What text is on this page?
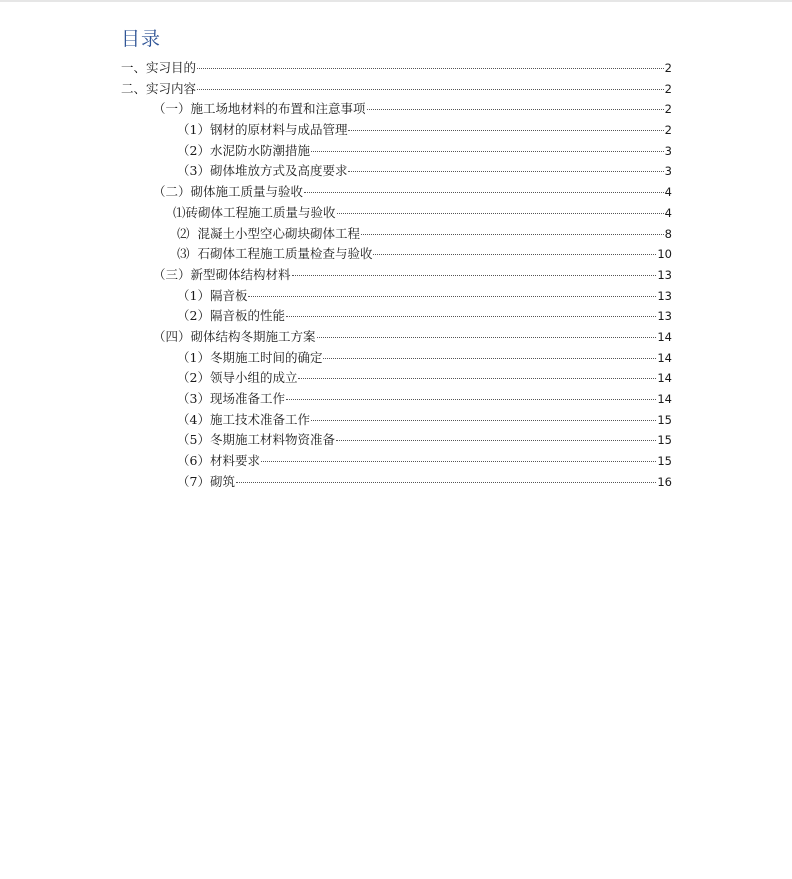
目录
一、实习目的	2
二、实习内容	2
（一）施工场地材料的布置和注意事项	2
（1）钢材的原材料与成品管理	2
（2）水泥防水防潮措施	3
（3）砌体堆放方式及高度要求	3
（二）砌体施工质量与验收	4
⑴砖砌体工程施工质量与验收	4
⑵  混凝土小型空心砌块砌体工程	8
⑶  石砌体工程施工质量检查与验收	10
（三）新型砌体结构材料	13
（1）隔音板	13
（2）隔音板的性能	13
（四）砌体结构冬期施工方案	14
（1）冬期施工时间的确定	14
（2）领导小组的成立	14
（3）现场准备工作	14
（4）施工技术准备工作	15
（5）冬期施工材料物资准备	15
（6）材料要求	15
（7）砌筑	16
